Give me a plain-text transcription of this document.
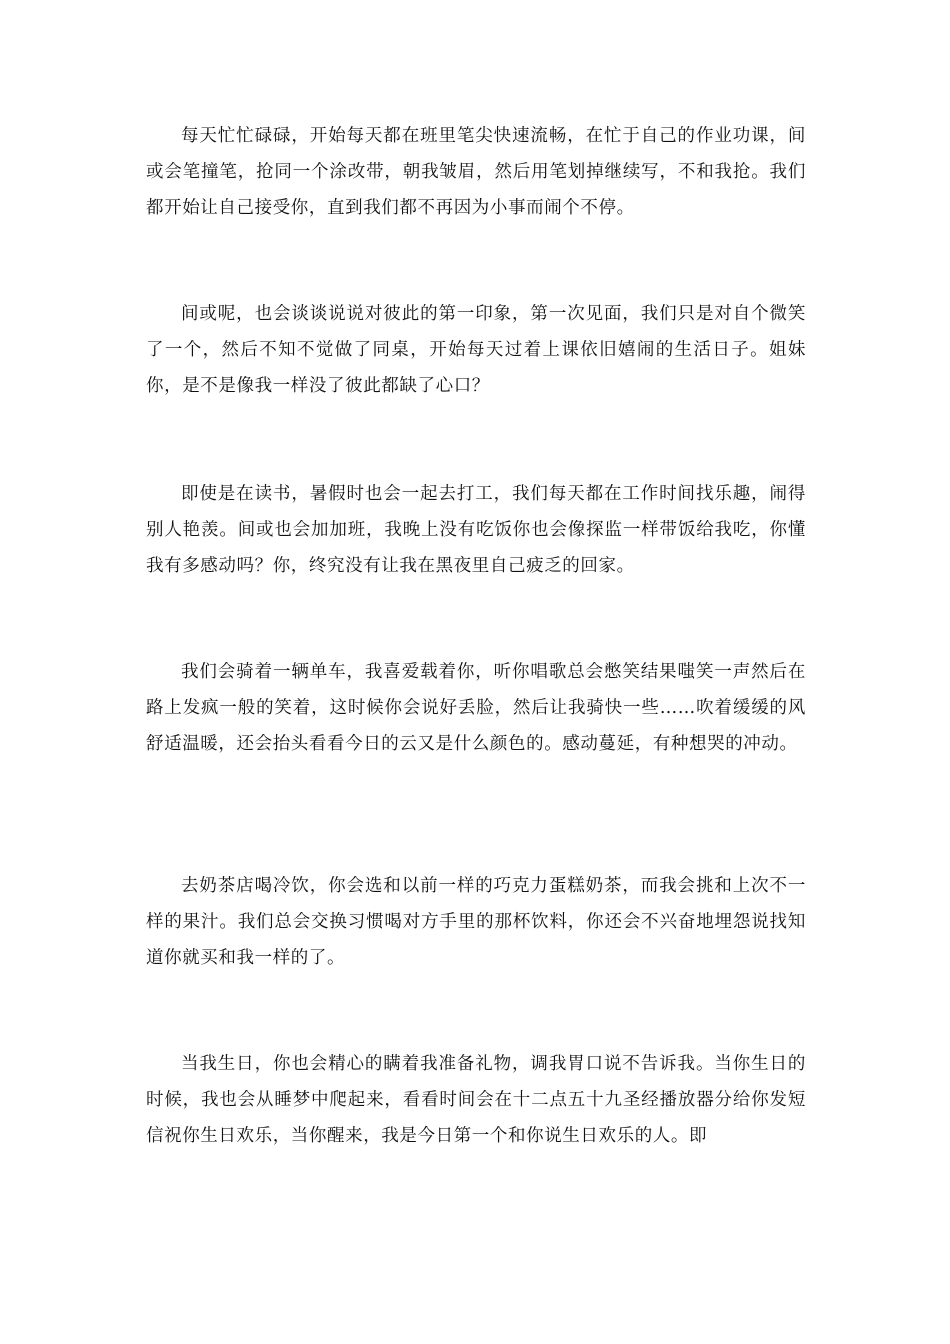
每天忙忙碌碌，开始每天都在班里笔尖快速流畅，在忙于自己的作业功课，间或会笔撞笔，抢同一个涂改带，朝我皱眉，然后用笔划掉继续写，不和我抢。我们都开始让自己接受你，直到我们都不再因为小事而闹个不停。

间或呢，也会谈谈说说对彼此的第一印象，第一次见面，我们只是对自个微笑了一个，然后不知不觉做了同桌，开始每天过着上课依旧嬉闹的生活日子。姐妹你，是不是像我一样没了彼此都缺了心口？

即使是在读书，暑假时也会一起去打工，我们每天都在工作时间找乐趣，闹得别人艳羡。间或也会加加班，我晚上没有吃饭你也会像探监一样带饭给我吃，你懂我有多感动吗？你，终究没有让我在黑夜里自己疲乏的回家。

我们会骑着一辆单车，我喜爱载着你，听你唱歌总会憋笑结果嗤笑一声然后在路上发疯一般的笑着，这时候你会说好丢脸，然后让我骑快一些……吹着缓缓的风舒适温暖，还会抬头看看今日的云又是什么颜色的。感动蔓延，有种想哭的冲动。

去奶茶店喝冷饮，你会选和以前一样的巧克力蛋糕奶茶，而我会挑和上次不一样的果汁。我们总会交换习惯喝对方手里的那杯饮料，你还会不兴奋地埋怨说找知道你就买和我一样的了。

当我生日，你也会精心的瞒着我准备礼物，调我胃口说不告诉我。当你生日的时候，我也会从睡梦中爬起来，看看时间会在十二点五十九圣经播放器分给你发短信祝你生日欢乐，当你醒来，我是今日第一个和你说生日欢乐的人。即
